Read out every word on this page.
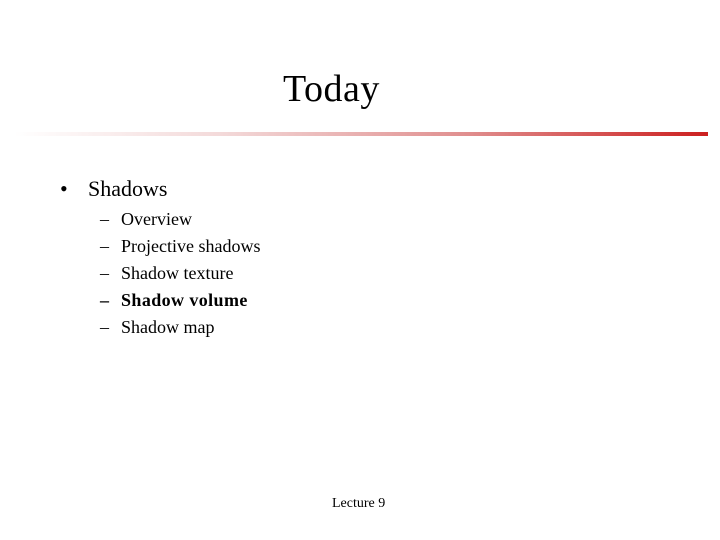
Today
• Shadows
– Overview
– Projective shadows
– Shadow texture
– Shadow volume
– Shadow map
Lecture 9
